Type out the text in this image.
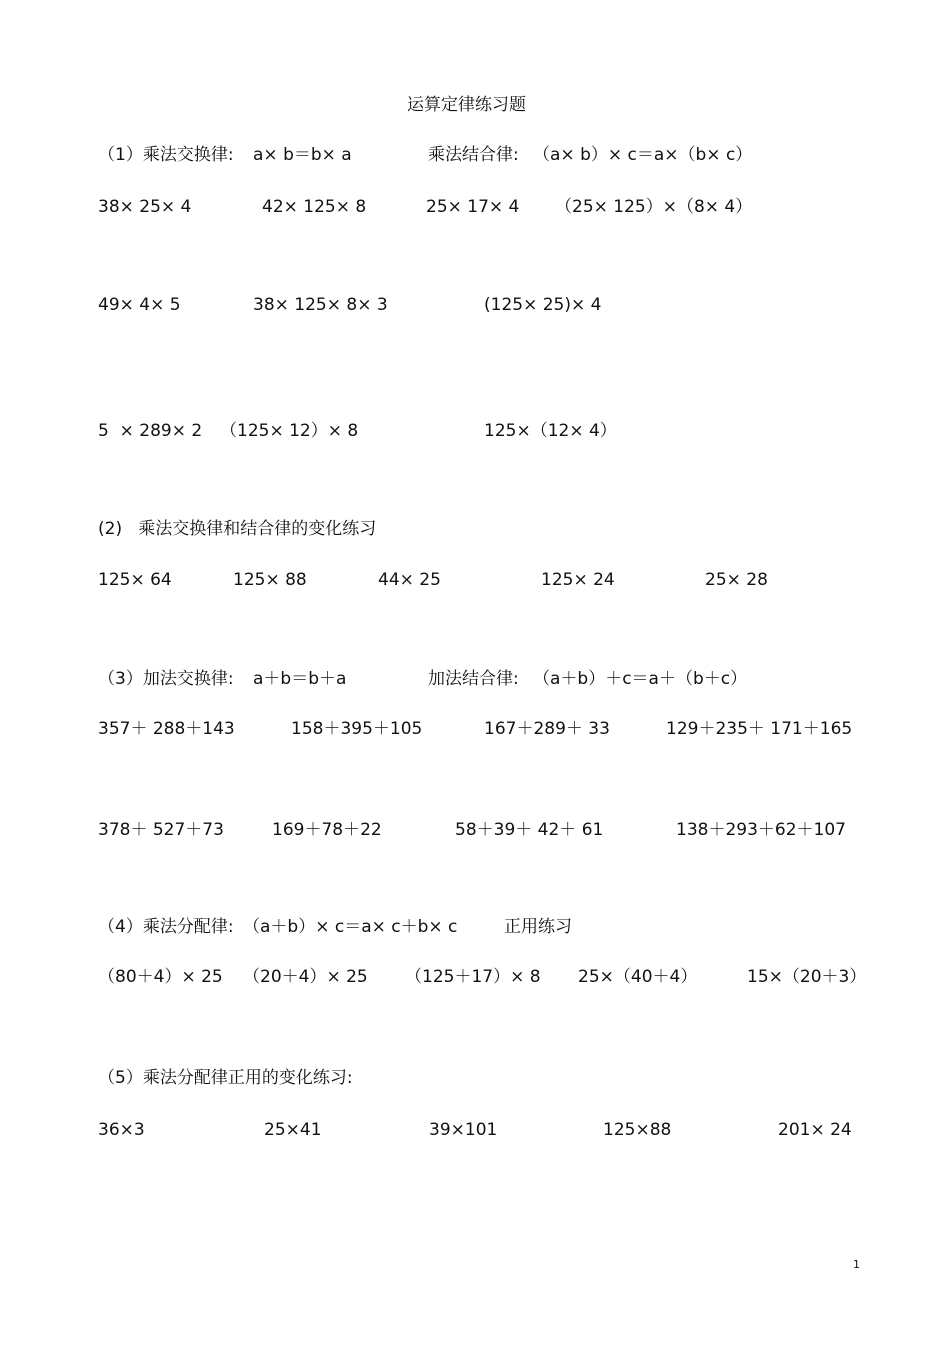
运算定律练习题
（1）乘法交换律: a× b＝b× a	乘法结合律: （a× b）× c＝a×（b× c）
38× 25× 4	42× 125× 8	25× 17× 4 （25× 125）×（8× 4）
49× 4× 5	38× 125× 8× 3	(125× 25)× 4
5  × 289× 2 （125× 12）× 8	125×（12× 4）
(2)   乘法交换律和结合律的变化练习
125× 64	125× 88	44× 25	125× 24	25× 28
（3）加法交换律: a＋b＝b＋a	加法结合律: （a＋b）＋c＝a＋（b＋c）
357＋ 288＋143	158＋395＋105	167＋289＋ 33	129＋235＋ 171＋165
378＋ 527＋73	169＋78＋22	58＋39＋ 42＋ 61	138＋293＋62＋107
（4）乘法分配律: （a＋b）× c＝a× c＋b× c	正用练习
（80＋4）× 25 （20＋4）× 25 （125＋17）× 8 25×（40＋4）	15×（20＋3）
（5）乘法分配律正用的变化练习:
36×3	25×41	39×101	125×88	201× 24
1
